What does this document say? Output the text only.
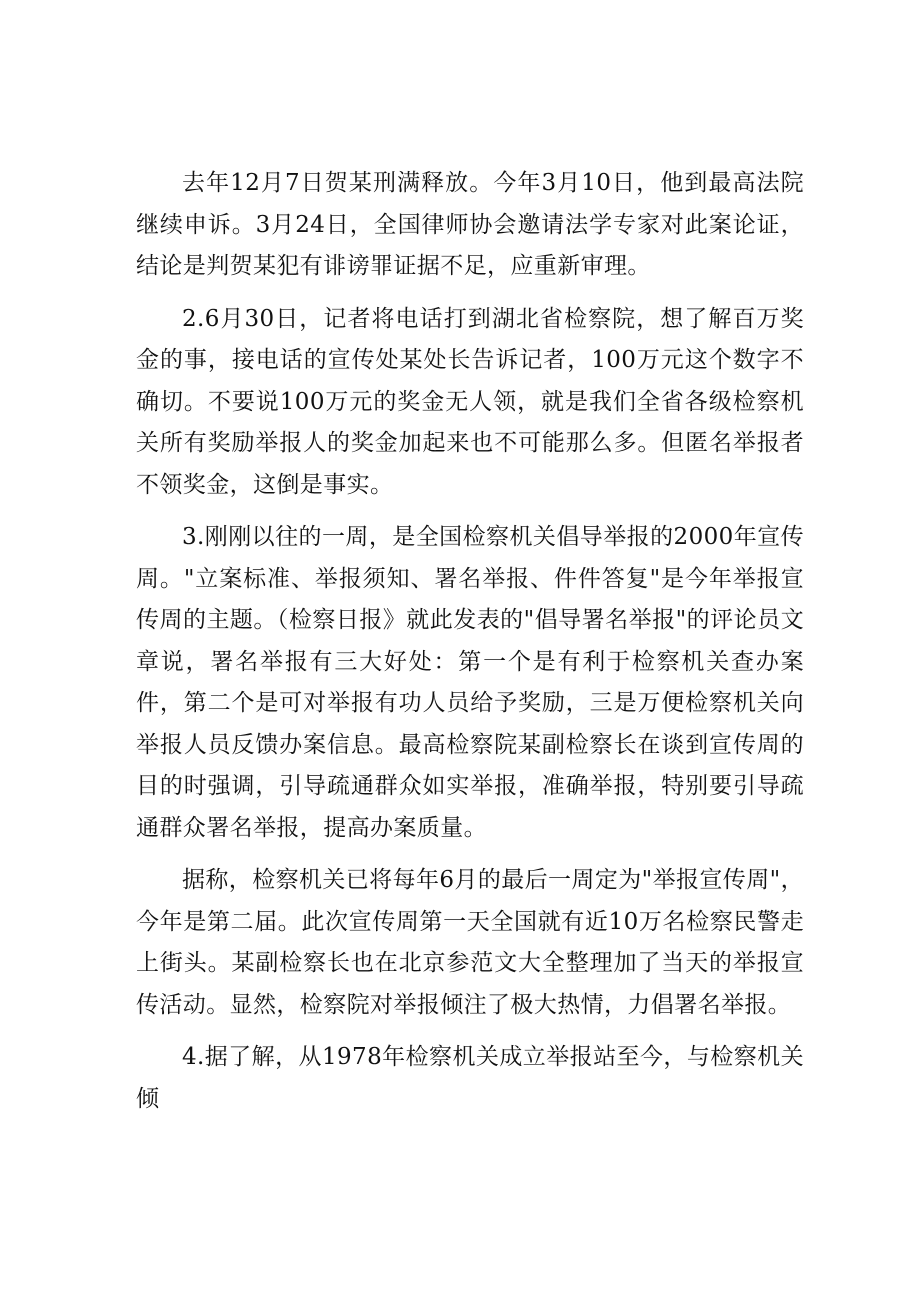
去年12月7日贺某刑满释放。今年3月10日，他到最高法院继续申诉。3月24日，全国律师协会邀请法学专家对此案论证，结论是判贺某犯有诽谤罪证据不足，应重新审理。

2.6月30日，记者将电话打到湖北省检察院，想了解百万奖金的事，接电话的宣传处某处长告诉记者，100万元这个数字不确切。不要说100万元的奖金无人领，就是我们全省各级检察机关所有奖励举报人的奖金加起来也不可能那么多。但匿名举报者不领奖金，这倒是事实。

3.刚刚以往的一周，是全国检察机关倡导举报的2000年宣传周。"立案标准、举报须知、署名举报、件件答复"是今年举报宣传周的主题。（检察日报》就此发表的"倡导署名举报"的评论员文章说，署名举报有三大好处：第一个是有利于检察机关查办案件，第二个是可对举报有功人员给予奖励，三是万便检察机关向举报人员反馈办案信息。最高检察院某副检察长在谈到宣传周的目的时强调，引导疏通群众如实举报，准确举报，特别要引导疏通群众署名举报，提高办案质量。

据称，检察机关已将每年6月的最后一周定为"举报宣传周"，今年是第二届。此次宣传周第一天全国就有近10万名检察民警走上街头。某副检察长也在北京参范文大全整理加了当天的举报宣传活动。显然，检察院对举报倾注了极大热情，力倡署名举报。

4.据了解，从1978年检察机关成立举报站至今，与检察机关倾
